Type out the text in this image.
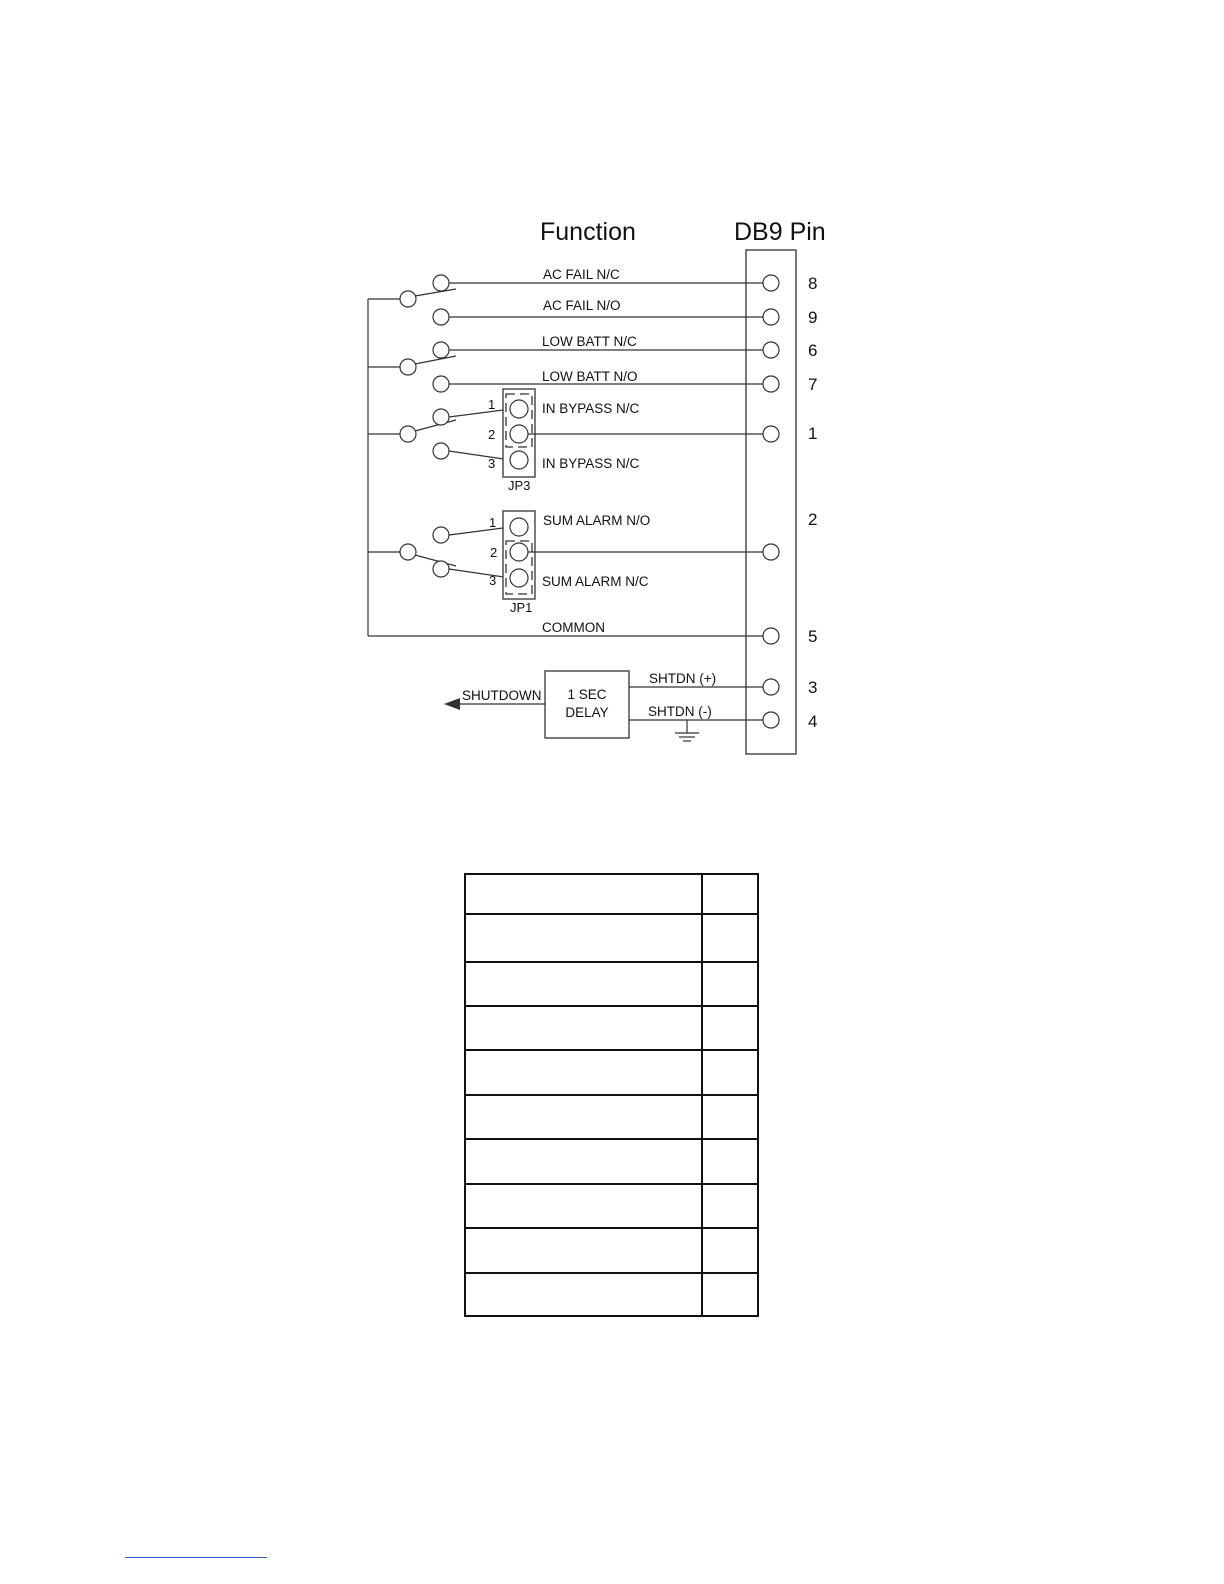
Function	DB9 Pin
1
2
3
JP3
1
2
3
JP1
1 SEC
DELAY
AC FAIL N/C
AC FAIL N/O
LOW BATT N/C
LOW BATT N/O
IN BYPASS N/C
IN BYPASS N/C
SUM ALARM N/O
SUM ALARM N/C
COMMON
SHTDN (+)
SHTDN (-)
SHUTDOWN
8
9
6
7
1
2
5
3
4
